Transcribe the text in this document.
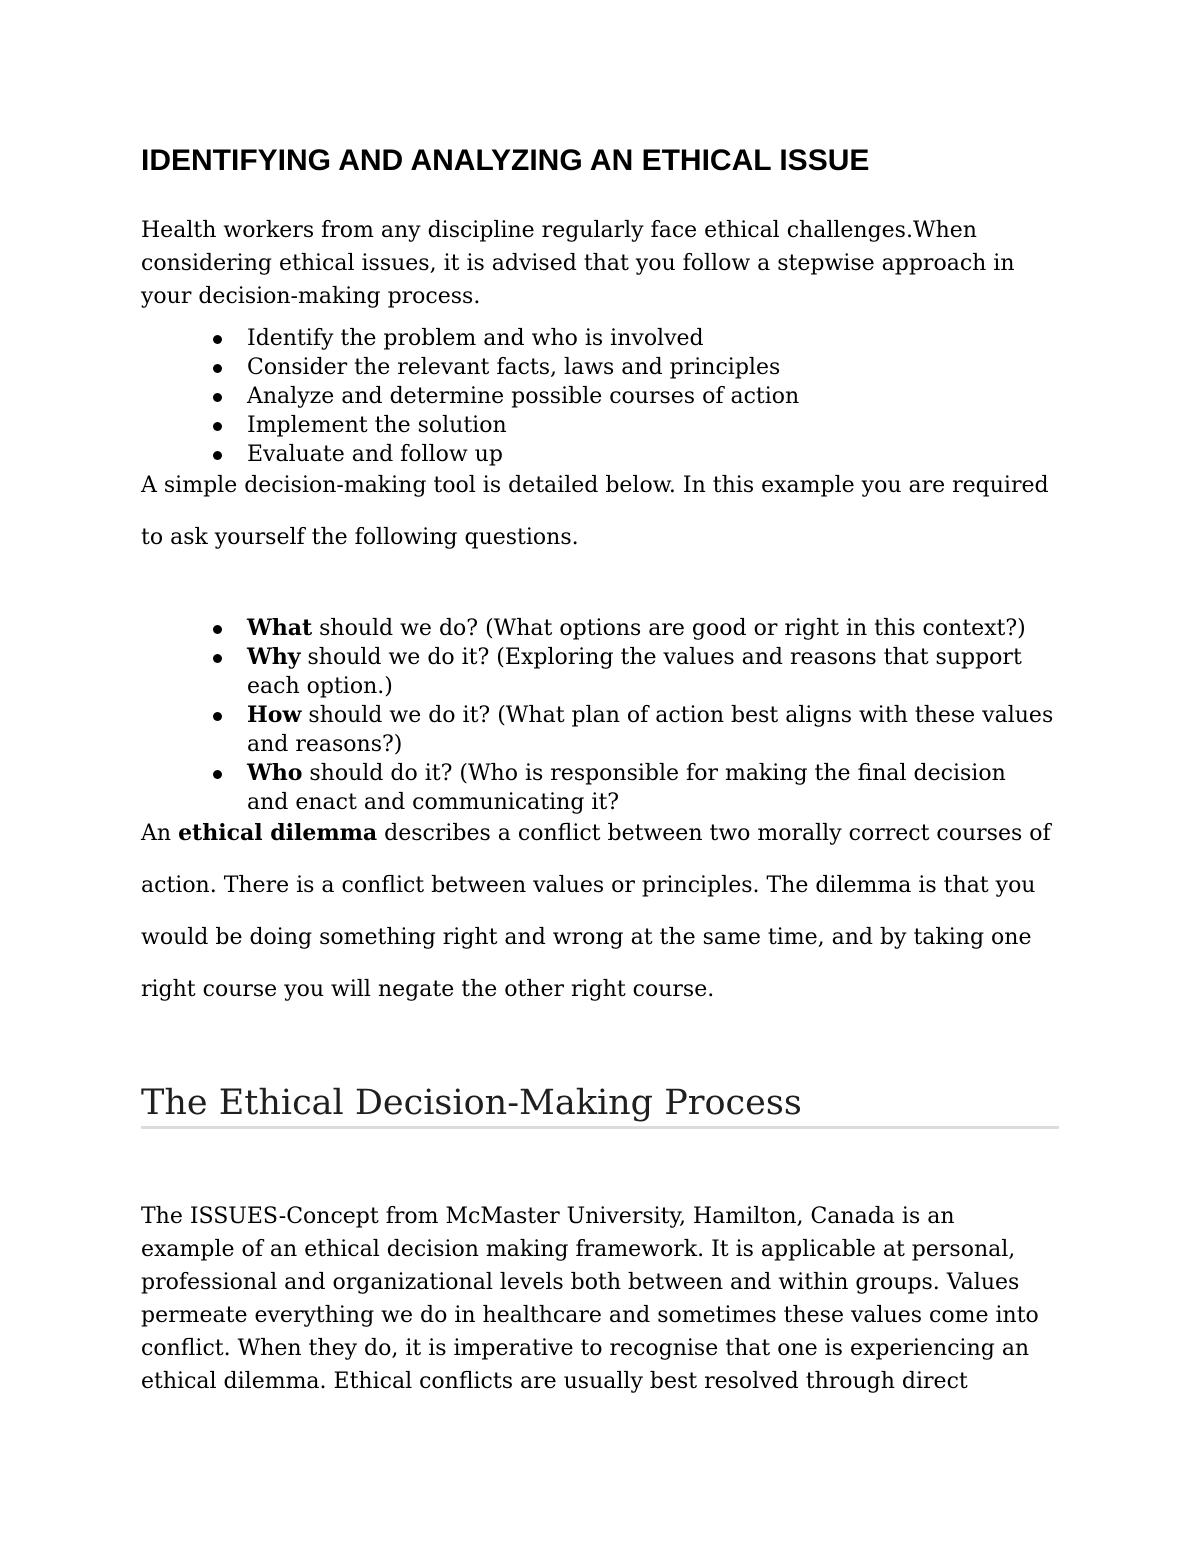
IDENTIFYING AND ANALYZING AN ETHICAL ISSUE

Health workers from any discipline regularly face ethical challenges.When
considering ethical issues, it is advised that you follow a stepwise approach in
your decision-making process.

Identify the problem and who is involved
Consider the relevant facts, laws and principles
Analyze and determine possible courses of action
Implement the solution
Evaluate and follow up

A simple decision-making tool is detailed below. In this example you are required
to ask yourself the following questions.

What should we do? (What options are good or right in this context?)
Why should we do it? (Exploring the values and reasons that support
each option.)
How should we do it? (What plan of action best aligns with these values
and reasons?)
Who should do it? (Who is responsible for making the final decision
and enact and communicating it?

An ethical dilemma describes a conflict between two morally correct courses of
action. There is a conflict between values or principles. The dilemma is that you
would be doing something right and wrong at the same time, and by taking one
right course you will negate the other right course.

The Ethical Decision-Making Process

The ISSUES-Concept from McMaster University, Hamilton, Canada is an
example of an ethical decision making framework. It is applicable at personal,
professional and organizational levels both between and within groups. Values
permeate everything we do in healthcare and sometimes these values come into
conflict. When they do, it is imperative to recognise that one is experiencing an
ethical dilemma. Ethical conflicts are usually best resolved through direct
